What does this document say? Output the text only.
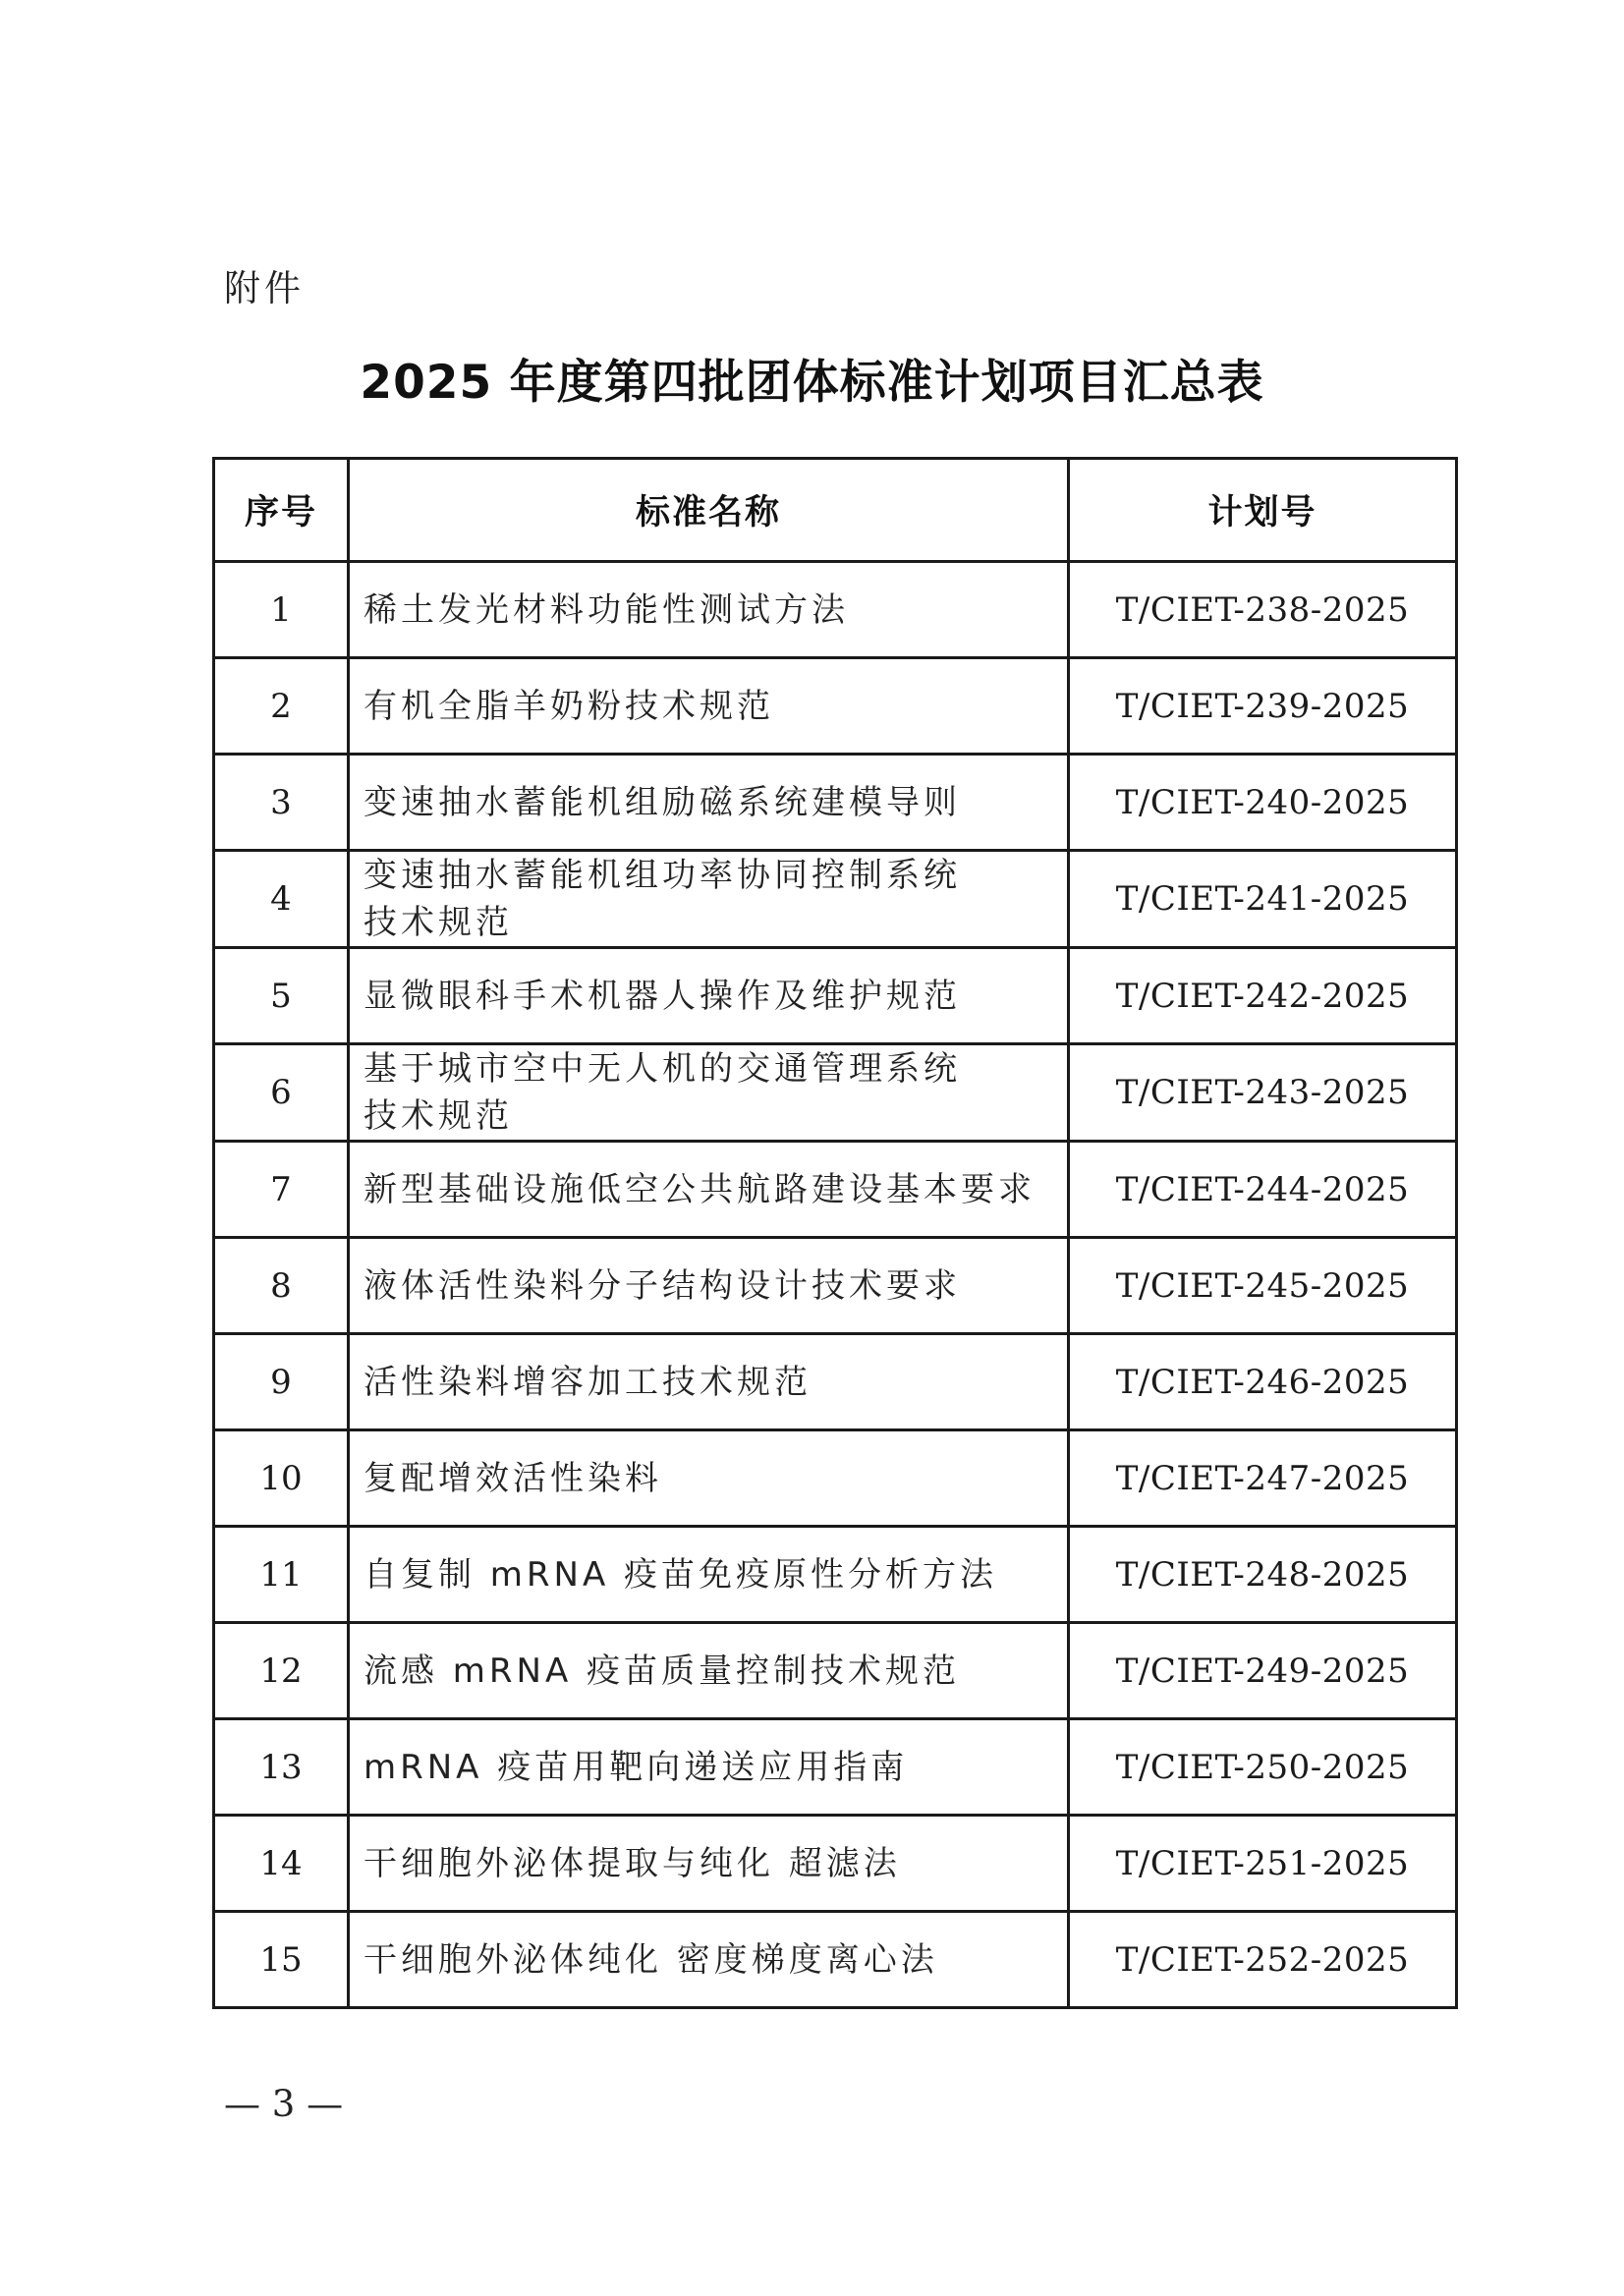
附件
2025 年度第四批团体标准计划项目汇总表
序号	标准名称	计划号
1	稀土发光材料功能性测试方法	T/CIET-238-2025
2	有机全脂羊奶粉技术规范	T/CIET-239-2025
3	变速抽水蓄能机组励磁系统建模导则	T/CIET-240-2025
4	变速抽水蓄能机组功率协同控制系统
技术规范	T/CIET-241-2025
5	显微眼科手术机器人操作及维护规范	T/CIET-242-2025
6	基于城市空中无人机的交通管理系统
技术规范	T/CIET-243-2025
7	新型基础设施低空公共航路建设基本要求	T/CIET-244-2025
8	液体活性染料分子结构设计技术要求	T/CIET-245-2025
9	活性染料增容加工技术规范	T/CIET-246-2025
10	复配增效活性染料	T/CIET-247-2025
11	自复制 mRNA 疫苗免疫原性分析方法	T/CIET-248-2025
12	流感 mRNA 疫苗质量控制技术规范	T/CIET-249-2025
13	mRNA 疫苗用靶向递送应用指南	T/CIET-250-2025
14	干细胞外泌体提取与纯化 超滤法	T/CIET-251-2025
15	干细胞外泌体纯化 密度梯度离心法	T/CIET-252-2025
— 3 —
